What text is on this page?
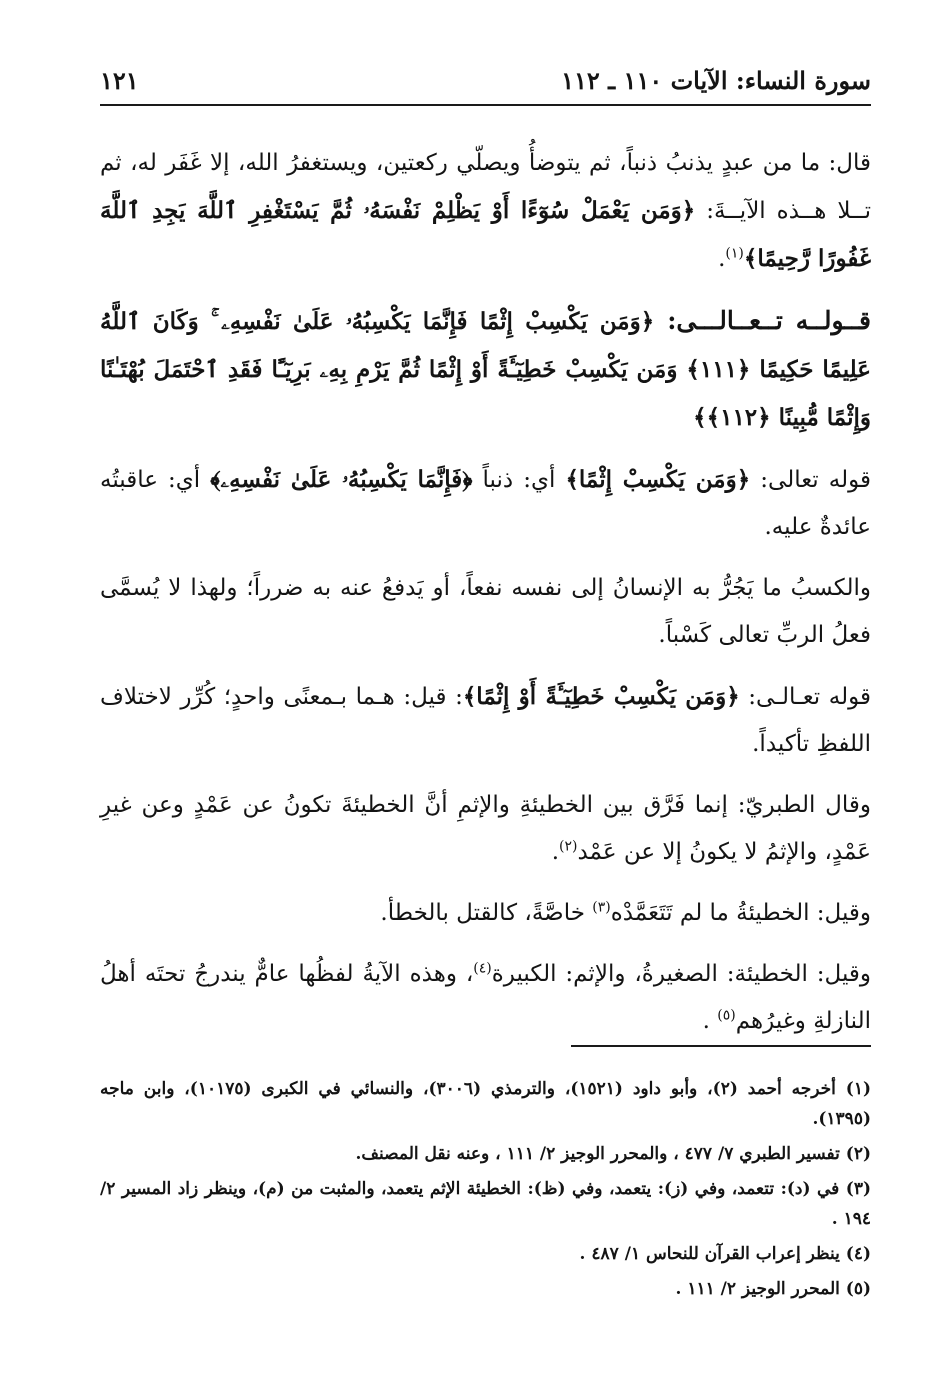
سورة النساء: الآيات ١١٠ ـ ١١٢
١٢١

قال: ما من عبدٍ يذنبُ ذنباً، ثم يتوضأُ ويصلّي ركعتين، ويستغفرُ الله، إلا غَفَر له، ثم تــلا هــذه الآيــةَ: ﴿وَمَن يَعْمَلْ سُوٓءًا أَوْ يَظْلِمْ نَفْسَهُۥ ثُمَّ يَسْتَغْفِرِ ٱللَّهَ يَجِدِ ٱللَّهَ غَفُورًا رَّحِيمًا﴾$^{(١)}$.

قــولــه تــعــالـــى: ﴿وَمَن يَكْسِبْ إِثْمًا فَإِنَّمَا يَكْسِبُهُۥ عَلَىٰ نَفْسِهِۦ ۚ وَكَانَ ٱللَّهُ عَلِيمًا حَكِيمًا ﴿١١١﴾ وَمَن يَكْسِبْ خَطِيٓـَٔةً أَوْ إِثْمًا ثُمَّ يَرْمِ بِهِۦ بَرِيٓـًٔا فَقَدِ ٱحْتَمَلَ بُهْتَـٰنًا وَإِثْمًا مُّبِينًا ﴿١١٢﴾﴾

قوله تعالى: ﴿وَمَن يَكْسِبْ إِثْمًا﴾ أي: ذنباً ﴿فَإِنَّمَا يَكْسِبُهُۥ عَلَىٰ نَفْسِهِۦ﴾ أي: عاقبتُه عائدةٌ عليه.

والكسبُ ما يَجُرُّ به الإنسانُ إلى نفسه نفعاً، أو يَدفعُ عنه به ضرراً؛ ولهذا لا يُسمَّى فعلُ الربِّ تعالى كَسْباً.

قوله تعـالـى: ﴿وَمَن يَكْسِبْ خَطِيٓـَٔةً أَوْ إِثْمًا﴾: قيل: هـما بـمعنًى واحدٍ؛ كُرِّر لاختلاف اللفظِ تأكيداً.

وقال الطبريّ: إنما فَرَّق بين الخطيئةِ والإثمِ أنَّ الخطيئةَ تكونُ عن عَمْدٍ وعن غيرِ عَمْدٍ، والإثمُ لا يكونُ إلا عن عَمْد$^{(٢)}$.

وقيل: الخطيئةُ ما لم تَتَعَمَّدْه$^{(٣)}$ خاصَّةً، كالقتل بالخطأ.

وقيل: الخطيئة: الصغيرةُ، والإثم: الكبيرة$^{(٤)}$، وهذه الآيةُ لفظُها عامٌّ يندرجُ تحتَه أهلُ النازلةِ وغيرُهم$^{(٥)}$ .

(١) أخرجه أحمد (٢)، وأبو داود (١٥٢١)، والترمذي (٣٠٠٦)، والنسائي في الكبرى (١٠١٧٥)، وابن ماجه (١٣٩٥).

(٢) تفسير الطبري ٧/ ٤٧٧ ، والمحرر الوجيز ٢/ ١١١ ، وعنه نقل المصنف.

(٣) في (د): تتعمد، وفي (ز): يتعمد، وفي (ظ): الخطيئة الإثم يتعمد، والمثبت من (م)، وينظر زاد المسير ٢/ ١٩٤ .

(٤) ينظر إعراب القرآن للنحاس ١/ ٤٨٧ .

(٥) المحرر الوجيز ٢/ ١١١ .
